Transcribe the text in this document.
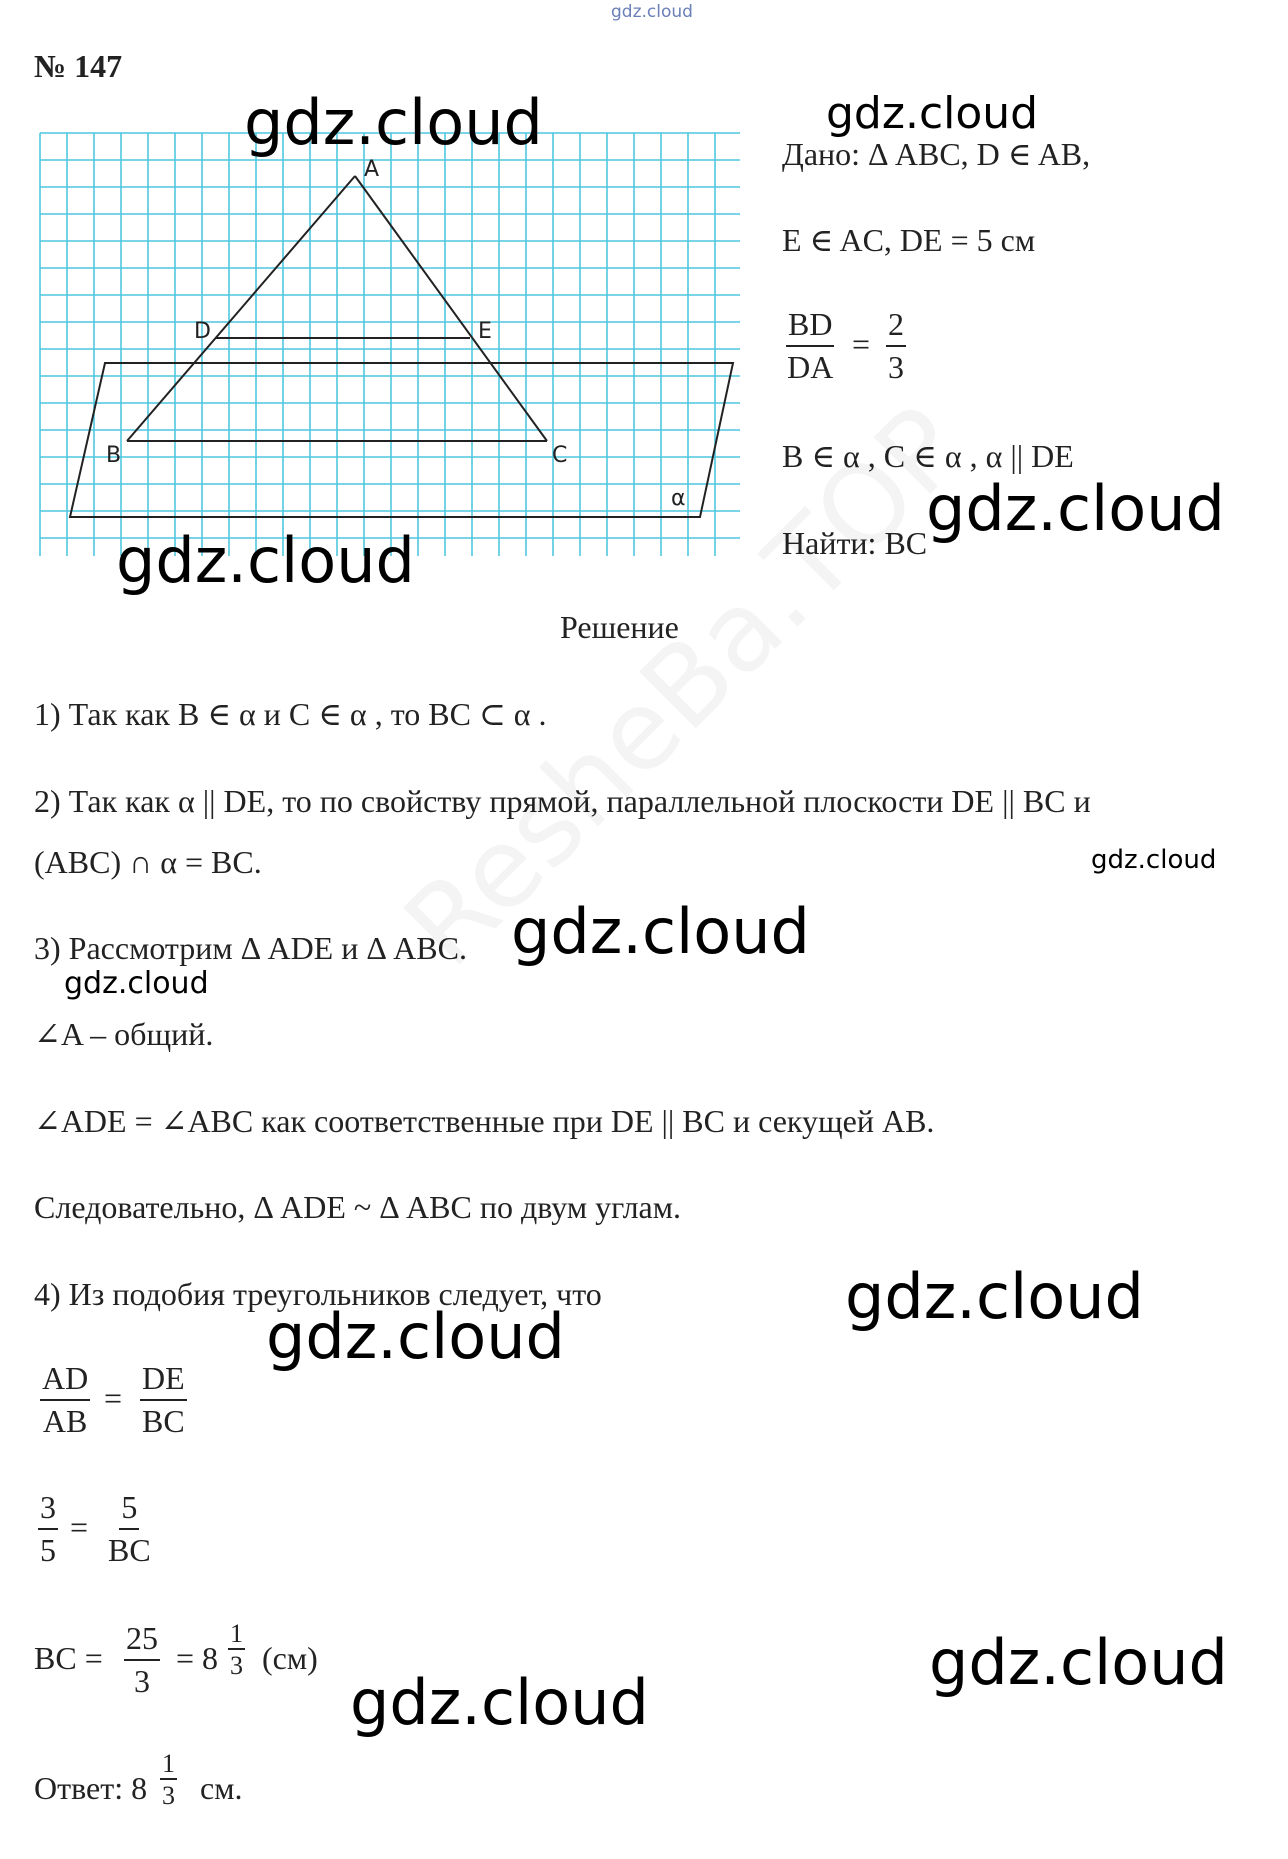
gdz.cloud
№ 147
A
D	E
B	C
α
Дано: Δ ABC, D ∈ AB,
E ∈ AC, DE = 5 см
$\frac{BD}{DA} = \frac{2}{3}$
B ∈ α , C ∈ α , α || DE
Найти: BC
Решение
1) Так как B ∈ α и C ∈ α , то BC ⊂ α .
2) Так как α || DE, то по свойству прямой, параллельной плоскости DE || BC и
(ABC) ∩ α = BC.
3) Рассмотрим Δ ADE и Δ ABC.
∠A – общий.
∠ADE = ∠ABC как соответственные при DE || BC и секущей AB.
Следовательно, Δ ADE ~ Δ ABC по двум углам.
4) Из подобия треугольников следует, что
$\frac{AD}{AB} = \frac{DE}{BC}$
$\frac{3}{5} = \frac{5}{BC}$
BC = $\frac{25}{3} = 8 \frac{1}{3} (см)$
Ответ: $8 \frac{1}{3}$ см.
gdz.cloud	gdz.cloud
gdz.cloud
gdz.cloud
gdz.cloud
gdz.cloud
gdz.cloud
gdz.cloud
gdz.cloud
gdz.cloud
gdz.cloud
